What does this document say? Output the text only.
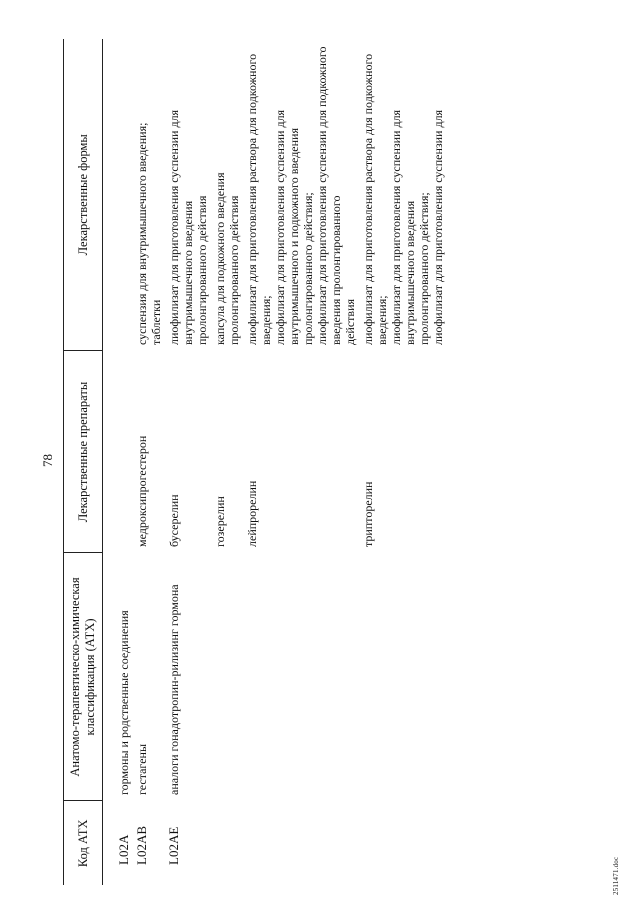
78
Код АТХ	Анатомо-терапевтическо-химическая классификация (АТХ)	Лекарственные препараты	Лекарственные формы
L02A	гормоны и родственные соединения		
L02AB	гестагены	медроксипрогестерон	суспензия для внутримышечного введения; таблетки

L02AE	аналоги гонадотропин-рилизинг гормона	бусерелин	лиофилизат для приготовления суспензии для внутримышечного введения пролонгированного действия

		гозерелин	капсула для подкожного введения пролонгированного действия

		лейпрорелин	лиофилизат для приготовления раствора для подкожного введения; лиофилизат для приготовления суспензии для внутримышечного и подкожного введения пролонгированного действия; лиофилизат для приготовления суспензии для подкожного введения пролонгированного действия

		трипторелин	лиофилизат для приготовления раствора для подкожного введения; лиофилизат для приготовления суспензии для внутримышечного введения пролонгированного действия; лиофилизат для приготовления суспензии для
2511471.doc
